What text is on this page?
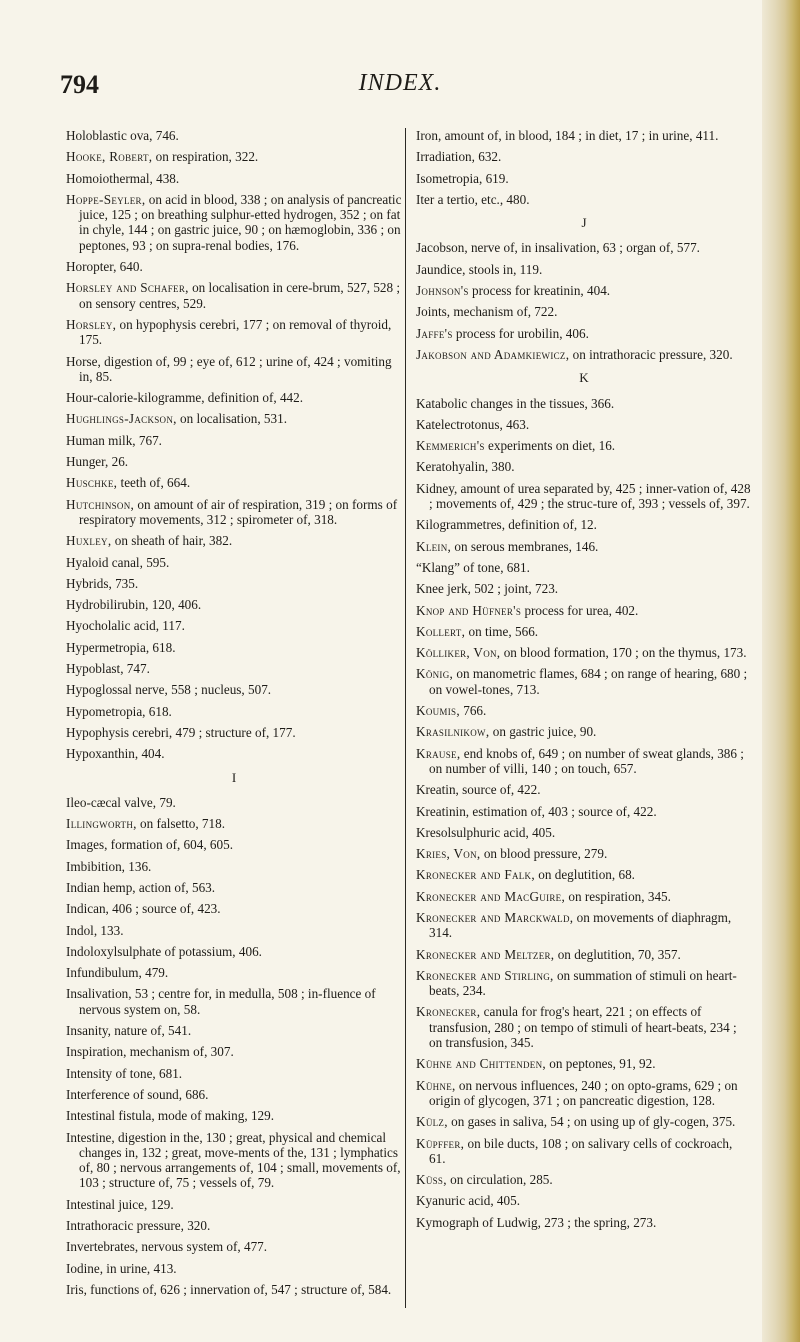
INDEX.
794
Holoblastic ova, 746.
Hooke, Robert, on respiration, 322.
Homoiothermal, 438.
Hoppe-Seyler, on acid in blood, 338 ; on analysis of pancreatic juice, 125 ; on breathing sulphur-etted hydrogen, 352 ; on fat in chyle, 144 ; on gastric juice, 90 ; on hæmoglobin, 336 ; on peptones, 93 ; on supra-renal bodies, 176.
Horopter, 640.
Horsley and Schafer, on localisation in cere-brum, 527, 528 ; on sensory centres, 529.
Horsley, on hypophysis cerebri, 177 ; on removal of thyroid, 175.
Horse, digestion of, 99 ; eye of, 612 ; urine of, 424 ; vomiting in, 85.
Hour-calorie-kilogramme, definition of, 442.
Hughlings-Jackson, on localisation, 531.
Human milk, 767.
Hunger, 26.
Huschke, teeth of, 664.
Hutchinson, on amount of air of respiration, 319 ; on forms of respiratory movements, 312 ; spirometer of, 318.
Huxley, on sheath of hair, 382.
Hyaloid canal, 595.
Hybrids, 735.
Hydrobilirubin, 120, 406.
Hyocholalic acid, 117.
Hypermetropia, 618.
Hypoblast, 747.
Hypoglossal nerve, 558 ; nucleus, 507.
Hypometropia, 618.
Hypophysis cerebri, 479 ; structure of, 177.
Hypoxanthin, 404.
I
Ileo-cæcal valve, 79.
Illingworth, on falsetto, 718.
Images, formation of, 604, 605.
Imbibition, 136.
Indian hemp, action of, 563.
Indican, 406 ; source of, 423.
Indol, 133.
Indoloxylsulphate of potassium, 406.
Infundibulum, 479.
Insalivation, 53 ; centre for, in medulla, 508 ; in-fluence of nervous system on, 58.
Insanity, nature of, 541.
Inspiration, mechanism of, 307.
Intensity of tone, 681.
Interference of sound, 686.
Intestinal fistula, mode of making, 129.
Intestine, digestion in the, 130 ; great, physical and chemical changes in, 132 ; great, move-ments of the, 131 ; lymphatics of, 80 ; nervous arrangements of, 104 ; small, movements of, 103 ; structure of, 75 ; vessels of, 79.
Intestinal juice, 129.
Intrathoracic pressure, 320.
Invertebrates, nervous system of, 477.
Iodine, in urine, 413.
Iris, functions of, 626 ; innervation of, 547 ; structure of, 584.
Iron, amount of, in blood, 184 ; in diet, 17 ; in urine, 411.
Irradiation, 632.
Isometropia, 619.
Iter a tertio, etc., 480.
J
Jacobson, nerve of, in insalivation, 63 ; organ of, 577.
Jaundice, stools in, 119.
Johnson's process for kreatinin, 404.
Joints, mechanism of, 722.
Jaffe's process for urobilin, 406.
Jakobson and Adamkiewicz, on intrathoracic pressure, 320.
K
Katabolic changes in the tissues, 366.
Katelectrotonus, 463.
Kemmerich's experiments on diet, 16.
Keratohyalin, 380.
Kidney, amount of urea separated by, 425 ; inner-vation of, 428 ; movements of, 429 ; the struc-ture of, 393 ; vessels of, 397.
Kilogrammetres, definition of, 12.
Klein, on serous membranes, 146.
“Klang” of tone, 681.
Knee jerk, 502 ; joint, 723.
Knop and Hüfner's process for urea, 402.
Kollert, on time, 566.
Kölliker, Von, on blood formation, 170 ; on the thymus, 173.
König, on manometric flames, 684 ; on range of hearing, 680 ; on vowel-tones, 713.
Koumis, 766.
Krasilnikow, on gastric juice, 90.
Krause, end knobs of, 649 ; on number of sweat glands, 386 ; on number of villi, 140 ; on touch, 657.
Kreatin, source of, 422.
Kreatinin, estimation of, 403 ; source of, 422.
Kresolsulphuric acid, 405.
Kries, Von, on blood pressure, 279.
Kronecker and Falk, on deglutition, 68.
Kronecker and MacGuire, on respiration, 345.
Kronecker and Marckwald, on movements of diaphragm, 314.
Kronecker and Meltzer, on deglutition, 70, 357.
Kronecker and Stirling, on summation of stimuli on heart-beats, 234.
Kronecker, canula for frog's heart, 221 ; on effects of transfusion, 280 ; on tempo of stimuli of heart-beats, 234 ; on transfusion, 345.
Kühne and Chittenden, on peptones, 91, 92.
Kühne, on nervous influences, 240 ; on opto-grams, 629 ; on origin of glycogen, 371 ; on pancreatic digestion, 128.
Külz, on gases in saliva, 54 ; on using up of gly-cogen, 375.
Küpffer, on bile ducts, 108 ; on salivary cells of cockroach, 61.
Küss, on circulation, 285.
Kyanuric acid, 405.
Kymograph of Ludwig, 273 ; the spring, 273.
